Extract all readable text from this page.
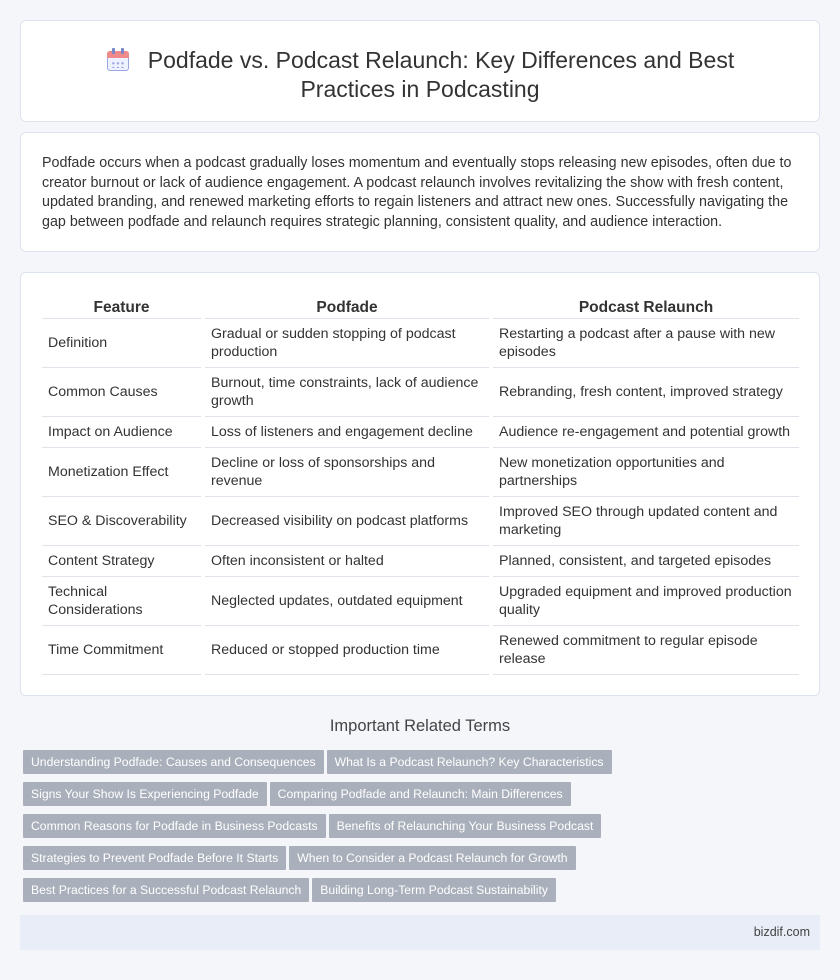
Podfade vs. Podcast Relaunch: Key Differences and Best
Practices in Podcasting

Podfade occurs when a podcast gradually loses momentum and eventually stops releasing new episodes, often due to creator burnout or lack of audience engagement. A podcast relaunch involves revitalizing the show with fresh content, updated branding, and renewed marketing efforts to regain listeners and attract new ones. Successfully navigating the gap between podfade and relaunch requires strategic planning, consistent quality, and audience interaction.

Feature		Podfade		Podcast Relaunch
Definition		Gradual or sudden stopping of podcast production		Restarting a podcast after a pause with new episodes
Common Causes		Burnout, time constraints, lack of audience growth		Rebranding, fresh content, improved strategy
Impact on Audience		Loss of listeners and engagement decline		Audience re-engagement and potential growth
Monetization Effect		Decline or loss of sponsorships and revenue		New monetization opportunities and partnerships
SEO & Discoverability		Decreased visibility on podcast platforms		Improved SEO through updated content and marketing
Content Strategy		Often inconsistent or halted		Planned, consistent, and targeted episodes
Technical Considerations		Neglected updates, outdated equipment		Upgraded equipment and improved production quality
Time Commitment		Reduced or stopped production time		Renewed commitment to regular episode release
Important Related Terms
Understanding Podfade: Causes and Consequences What Is a Podcast Relaunch? Key Characteristics
Signs Your Show Is Experiencing Podfade Comparing Podfade and Relaunch: Main Differences
Common Reasons for Podfade in Business Podcasts Benefits of Relaunching Your Business Podcast
Strategies to Prevent Podfade Before It Starts When to Consider a Podcast Relaunch for Growth
Best Practices for a Successful Podcast Relaunch Building Long-Term Podcast Sustainability
bizdif.com
